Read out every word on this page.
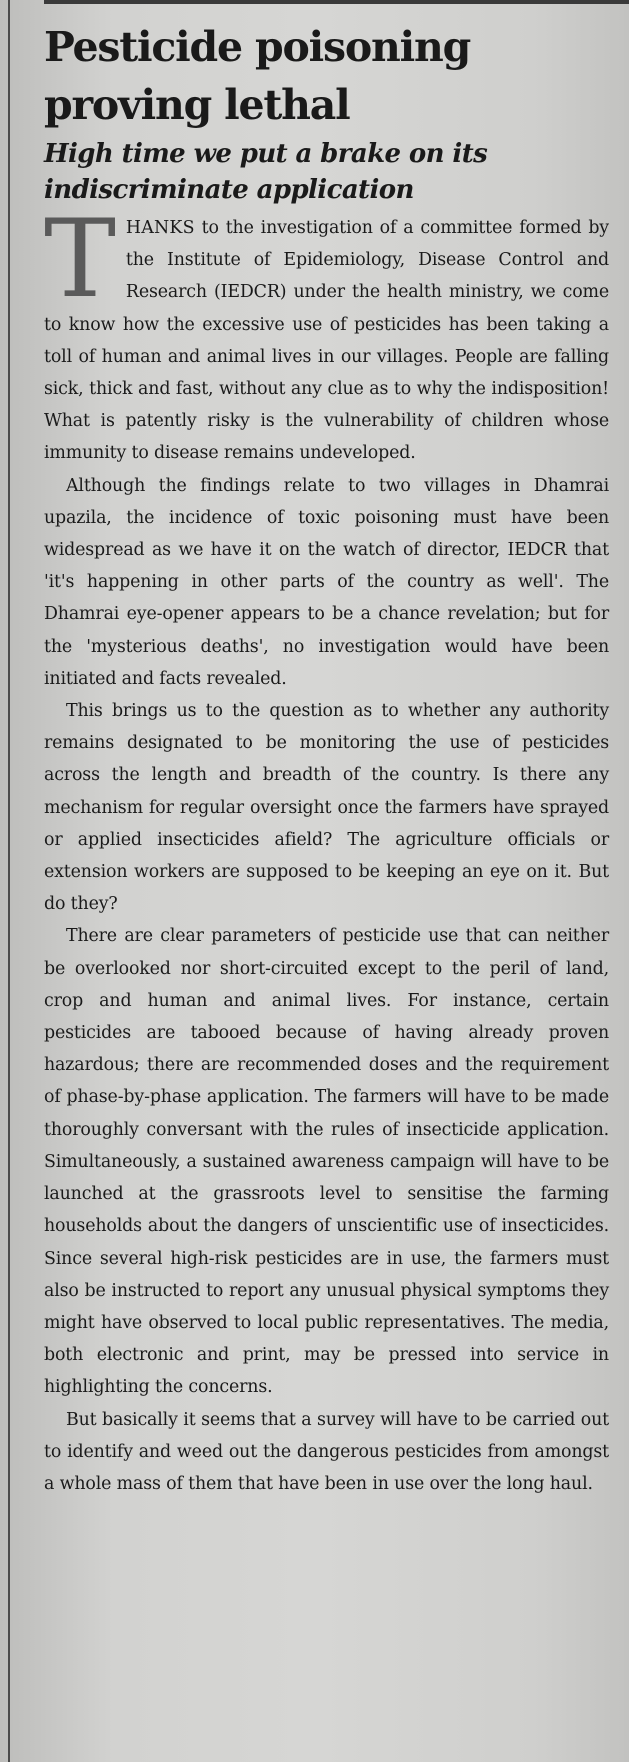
Pesticide poisoning
proving lethal
High time we put a brake on its
indiscriminate application

THANKS to the investigation of a committee formed by the Institute of Epidemiology, Disease Control and Research (IEDCR) under the health ministry, we come to know how the excessive use of pesticides has been taking a toll of human and animal lives in our villages. People are falling sick, thick and fast, without any clue as to why the indisposition! What is patently risky is the vulnerability of children whose immunity to disease remains undeveloped.

Although the findings relate to two villages in Dhamrai upazila, the incidence of toxic poisoning must have been widespread as we have it on the watch of director, IEDCR that 'it's happening in other parts of the country as well'. The Dhamrai eye-opener appears to be a chance revelation; but for the 'mysterious deaths', no investigation would have been initiated and facts revealed.

This brings us to the question as to whether any authority remains designated to be monitoring the use of pesticides across the length and breadth of the country. Is there any mechanism for regular oversight once the farmers have sprayed or applied insecticides afield? The agriculture officials or extension workers are supposed to be keeping an eye on it. But do they?

There are clear parameters of pesticide use that can neither be overlooked nor short-circuited except to the peril of land, crop and human and animal lives. For instance, certain pesticides are tabooed because of having already proven hazardous; there are recommended doses and the requirement of phase-by-phase application. The farmers will have to be made thoroughly conversant with the rules of insecticide application. Simultaneously, a sustained awareness campaign will have to be launched at the grassroots level to sensitise the farming households about the dangers of unscientific use of insecticides. Since several high-risk pesticides are in use, the farmers must also be instructed to report any unusual physical symptoms they might have observed to local public representatives. The media, both electronic and print, may be pressed into service in highlighting the concerns.

But basically it seems that a survey will have to be carried out to identify and weed out the dangerous pesticides from amongst a whole mass of them that have been in use over the long haul.
